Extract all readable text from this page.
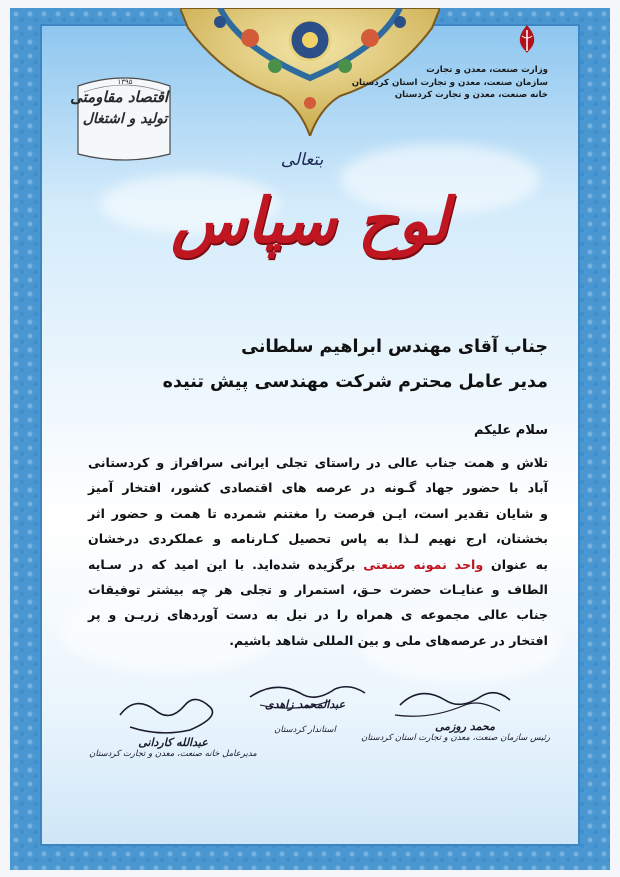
۱۳۹۵
اقتصاد مقاومتی
تولید و اشتغال
وزارت صنعت، معدن و تجارت
سازمان صنعت، معدن و تجارت استان کردستان
خانه صنعت، معدن و تجارت کردستان
بتعالی
لوح سپاس
جناب آقای مهندس ابراهیم سلطانی
مدیر عامل محترم شرکت مهندسی پیش تنیده
سلام علیکم
تلاش و همت جناب عالی در راستای تجلی ایرانی سرافراز و کردستانی
آباد با حضور جهاد گـونه در عرصه های اقتصادی کشور، افتخار آمیز
و شایان تقدیر است، ایـن فرصت را مغتنم شمرده تا همت و حضور اثر
بخشتان، ارج نهیم لـذا به پاس تحصیل کـارنامه و عملکردی درخشان
به عنوان واحد نمونه صنعتی برگزیده شده‌اید. با این امید که در سـایه
الطاف و عنایـات حضرت حـق، استمرار و تجلی هر چه بیشتر توفیقات
جناب عالی مجموعه ی همراه را در نیل به دست آوردهای زریـن و پر
افتخار در عرصه‌های ملی و بین المللی شاهد باشیم.
محمد روزمی
رئیس سازمان صنعت، معدن و تجارت استان کردستان
عبدالمحمد زاهدی
استاندار کردستان
عبدالله کاردانی
مدیرعامل خانه صنعت، معدن و تجارت کردستان
